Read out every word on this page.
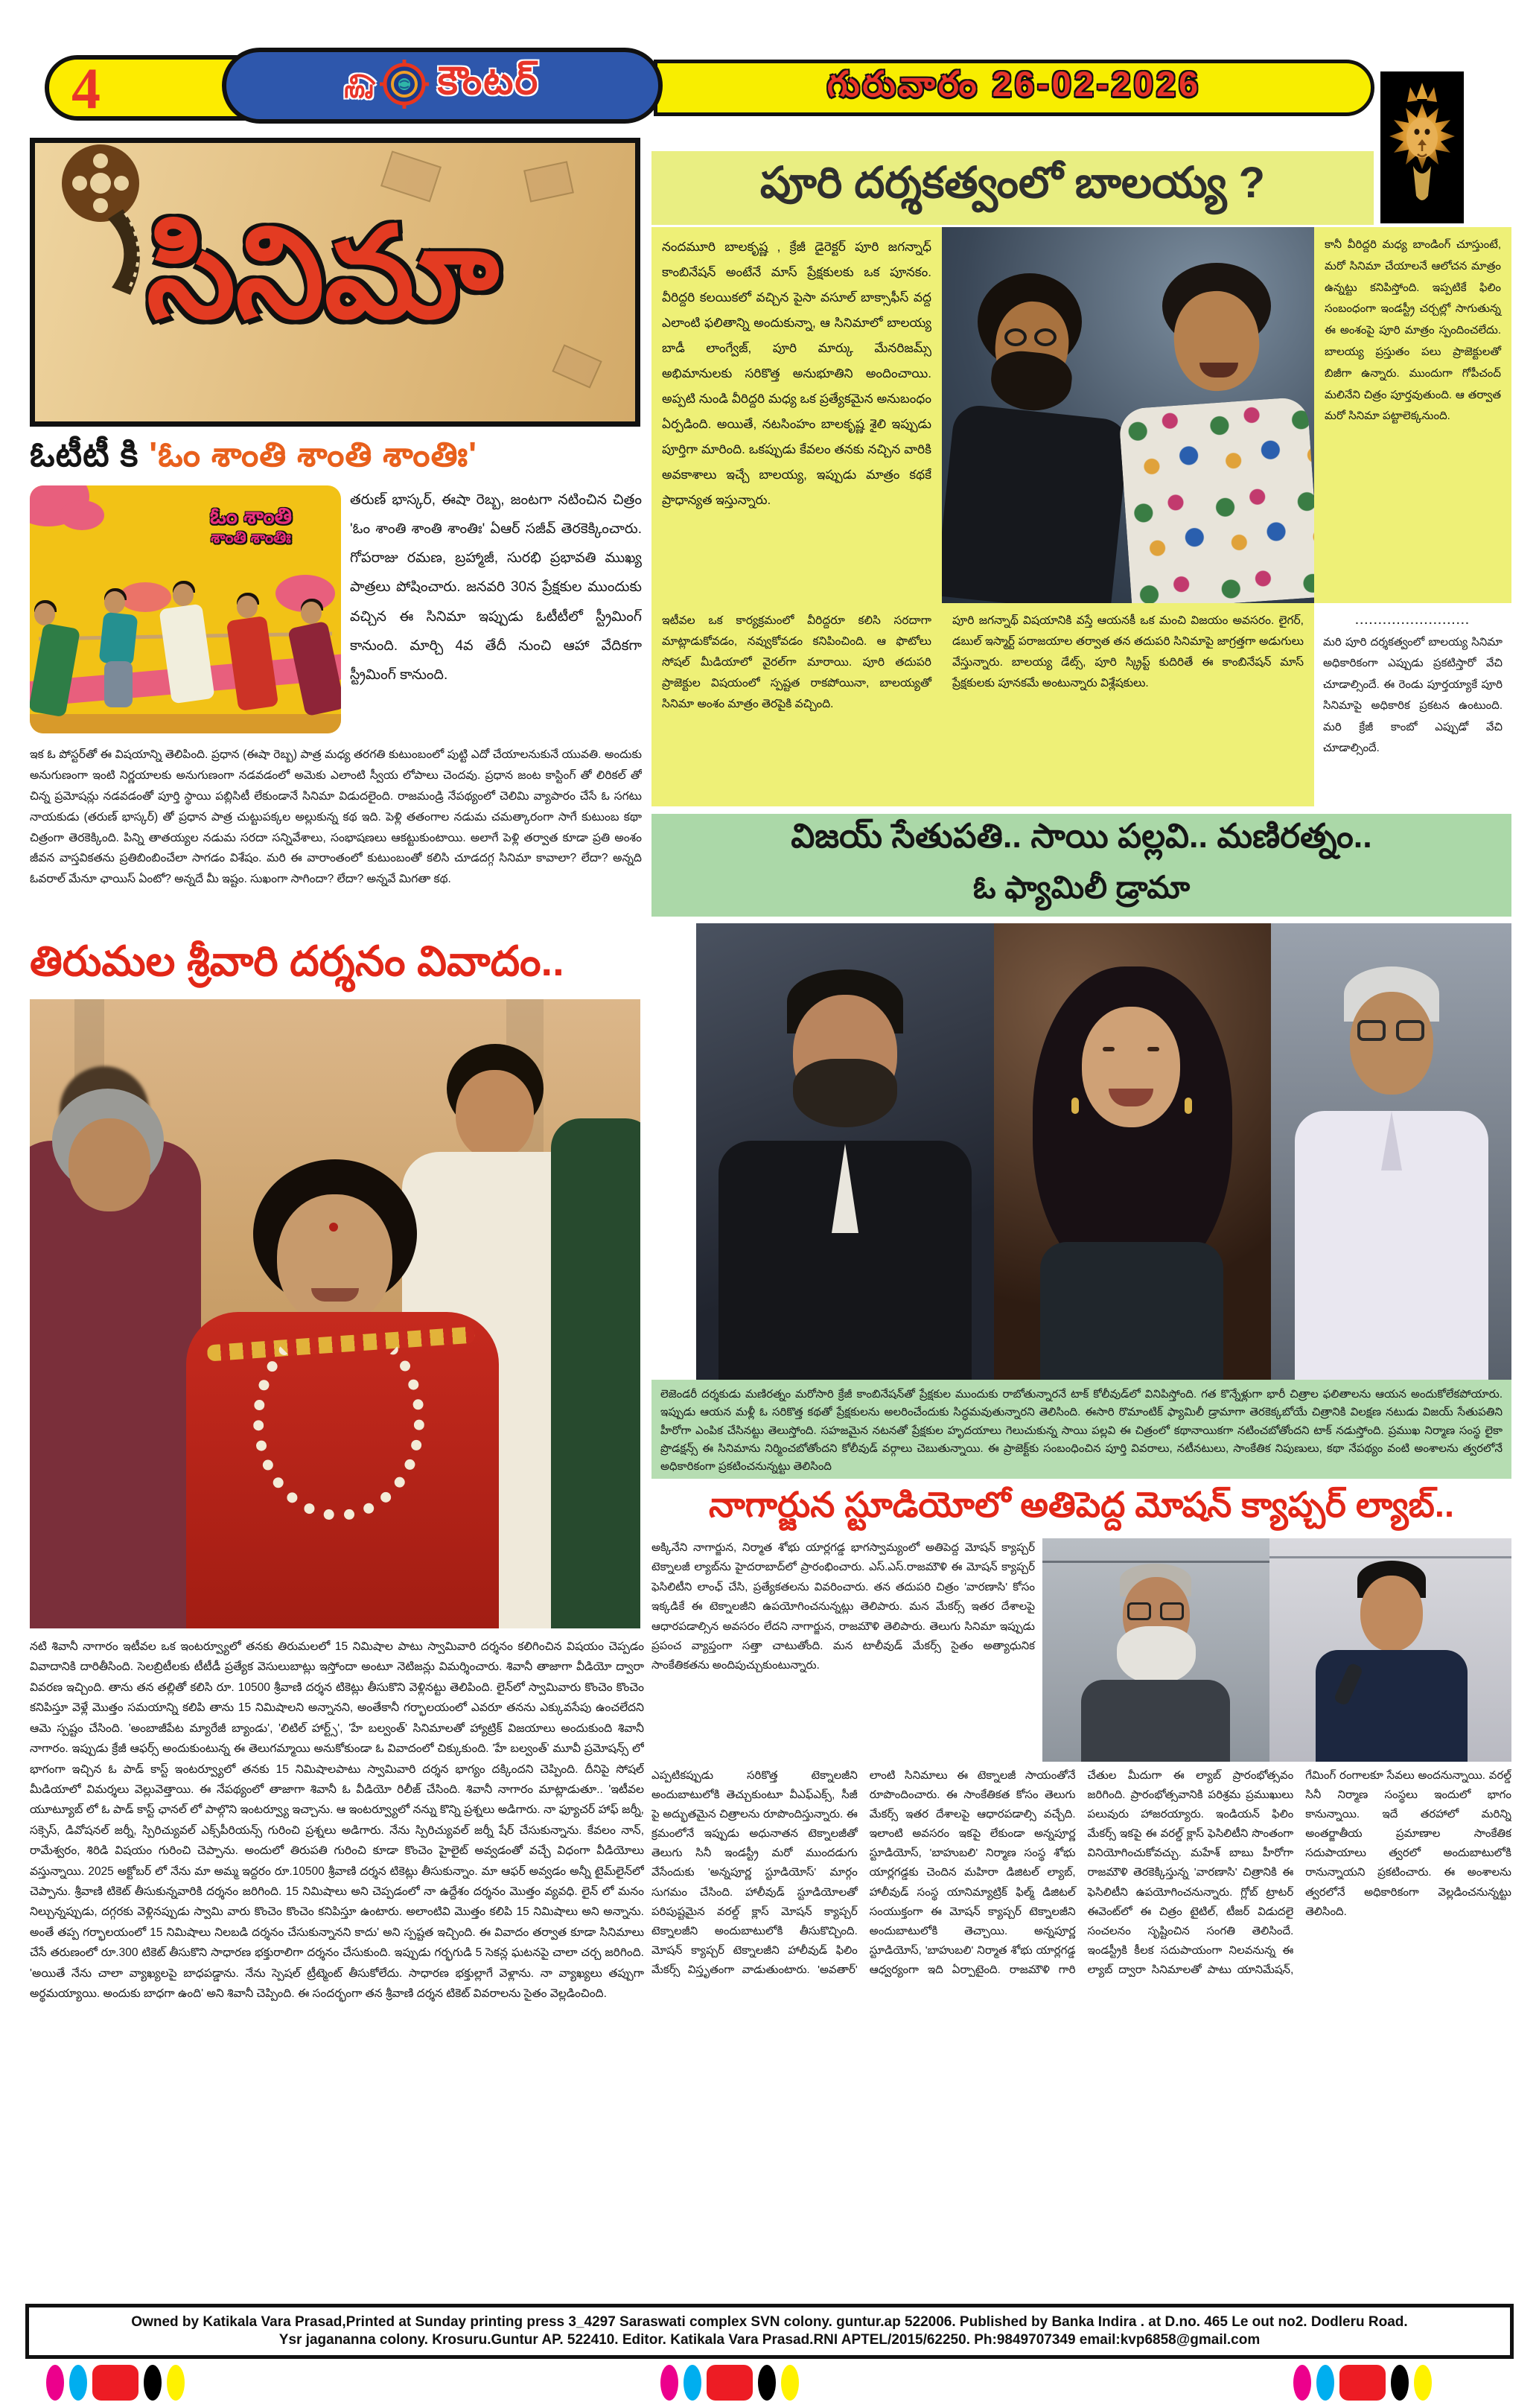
4	గురువారం 26-02-2026
క్రై కౌంటర్
సినిమా
ఓటీటీ కి 'ఓం శాంతి శాంతి శాంతిః'
ఓం శాంతి
శాంతి శాంతిః
తరుణ్ భాస్కర్, ఈషా రెబ్బ, జంటగా నటించిన చిత్రం 'ఓం శాంతి శాంతి శాంతిః' ఏఆర్ సజీవ్ తెరకెక్కించారు. గోపరాజు రమణ, బ్రహ్మాజీ, సురభి ప్రభావతి ముఖ్య పాత్రలు పోషించారు. జనవరి 30న ప్రేక్షకుల ముందుకు వచ్చిన ఈ సినిమా ఇప్పుడు ఓటీటీలో స్ట్రీమింగ్ కానుంది. మార్చి 4వ తేదీ నుంచి ఆహా వేదికగా స్ట్రీమింగ్ కానుంది.
ఇక ఓ పోస్టర్‌తో ఈ విషయాన్ని తెలిపింది. ప్రధాన (ఈషా రెబ్బ) పాత్ర మధ్య తరగతి కుటుంబంలో పుట్టి ఎదో చేయాలనుకునే యువతి. అందుకు అనుగుణంగా ఇంటి నిర్ణయాలకు అనుగుణంగా నడవడంలో అమెకు ఎలాంటి స్వీయ లోపాలు చెందవు. ప్రధాన జంట కాస్టింగ్ తో లిరికల్ తో చిన్న ప్రమోషన్లు నడవడంతో పూర్తి స్థాయి పబ్లిసిటీ లేకుండానే సినిమా విడుదలైంది. రాజమండ్రి నేపథ్యంలో చెలిమి వ్యాపారం చేసే ఓ సగటు నాయకుడు (తరుణ్ భాస్కర్) తో ప్రధాన పాత్ర చుట్టుపక్కల అల్లుకున్న కథ ఇది. పెళ్లి తతంగాల నడుమ చమత్కారంగా సాగే కుటుంబ కథా చిత్రంగా తెరకెక్కింది. పిన్ని తాతయ్యల నడుమ సరదా సన్నివేశాలు, సంభాషణలు ఆకట్టుకుంటాయి. అలాగే పెళ్లి తర్వాత కూడా ప్రతి అంశం జీవన వాస్తవికతను ప్రతిబింబించేలా సాగడం విశేషం. మరి ఈ వారాంతంలో కుటుంబంతో కలిసి చూడదగ్గ సినిమా కావాలా? లేదా? అన్నది ఓవరాల్ మేనూ ఛాయిస్ ఏంటో? అన్నదే మీ ఇష్టం. సుఖంగా సాగిందా? లేదా? అన్నవే మిగతా కథ.
తిరుమల శ్రీవారి దర్శనం వివాదం..
నటి శివానీ నాగారం ఇటీవల ఒక ఇంటర్వ్యూలో తనకు తిరుమలలో 15 నిమిషాల పాటు స్వామివారి దర్శనం కలిగించిన విషయం చెప్పడం వివాదానికి దారితీసింది. సెలబ్రిటీలకు టీటీడీ ప్రత్యేక వెసులుబాట్లు ఇస్తోందా అంటూ నెటిజన్లు విమర్శించారు. శివానీ తాజాగా వీడియో ద్వారా వివరణ ఇచ్చింది. తాను తన తల్లితో కలిసి రూ. 10500 శ్రీవాణి దర్శన టికెట్లు తీసుకొని వెళ్లినట్టు తెలిపింది. లైన్‌లో స్వామివారు కొంచెం కొంచెం కనిపిస్తూ వెళ్లే మొత్తం సమయాన్ని కలిపి తాను 15 నిమిషాలని అన్నానని, అంతేకానీ గర్భాలయంలో ఎవరూ తనను ఎక్కువసేపు ఉంచలేదని ఆమె స్పష్టం చేసింది. 'అంబాజీపేట మ్యారేజీ బ్యాండు', 'లిటిల్ హార్ట్స్', 'హే బల్వంత్' సినిమాలతో హ్యాట్రిక్ విజయాలు అందుకుంది శివానీ నాగారం. ఇప్పుడు క్రేజీ ఆఫర్స్ అందుకుంటున్న ఈ తెలుగమ్మాయి అనుకోకుండా ఓ వివాదంలో చిక్కుకుంది. 'హే బల్వంత్' మూవీ ప్రమోషన్స్ లో భాగంగా ఇచ్చిన ఓ పాడ్ కాస్ట్ ఇంటర్వ్యూలో తనకు 15 నిమిషాలపాటు స్వామివారి దర్శన భాగ్యం దక్కిందని చెప్పింది. దీనిపై సోషల్ మీడియాలో విమర్శలు వెల్లువెత్తాయి. ఈ నేపథ్యంలో తాజాగా శివానీ ఓ వీడియో రిలీజ్ చేసింది. శివానీ నాగారం మాట్లాడుతూ.. 'ఇటీవల యూట్యూబ్ లో ఓ పాడ్ కాస్ట్ ఛానల్ లో పాల్గొని ఇంటర్వ్యూ ఇచ్చాను. ఆ ఇంటర్వ్యూలో నన్ను కొన్ని ప్రశ్నలు అడిగారు. నా ఫ్యూచర్ హాఫ్ జర్నీ, సక్సెస్, డివోషనల్ జర్నీ, స్పిరిచ్యువల్ ఎక్స్‌పీరియన్స్ గురించి ప్రశ్నలు అడిగారు. నేను స్పిరిచ్యువల్ జర్నీ షేర్ చేసుకున్నాను. కేవలం నాన్, రామేశ్వరం, శిరిడి విషయం గురించి చెప్పాను. అందులో తిరుపతి గురించి కూడా కొంచెం హైలైట్ అవ్వడంతో వచ్చే విధంగా వీడియోలు వస్తున్నాయి. 2025 అక్టోబర్ లో నేను మా అమ్మ ఇద్దరం రూ.10500 శ్రీవాణి దర్శన టికెట్లు తీసుకున్నాం. మా ఆఫర్ అవ్వడం అన్నీ టైమ్‌లైన్‌లో చెప్పాను. శ్రీవాణి టికెట్ తీసుకున్నవారికి దర్శనం జరిగింది. 15 నిమిషాలు అని చెప్పడంలో నా ఉద్దేశం దర్శనం మొత్తం వ్యవధి. లైన్ లో మనం నిల్చున్నప్పుడు, దగ్గరకు వెళ్లినప్పుడు స్వామి వారు కొంచెం కొంచెం కనిపిస్తూ ఉంటారు. అలాంటివి మొత్తం కలిపి 15 నిమిషాలు అని అన్నాను. అంతే తప్ప గర్భాలయంలో 15 నిమిషాలు నిలబడి దర్శనం చేసుకున్నానని కాదు' అని స్పష్టత ఇచ్చింది. ఈ వివాదం తర్వాత కూడా సినిమాలు చేసే తరుణంలో రూ.300 టికెట్ తీసుకొని సాధారణ భక్తురాలిగా దర్శనం చేసుకుంది. ఇప్పుడు గర్భగుడి 5 సెకన్ల ఘటనపై చాలా చర్చ జరిగింది. 'అయితే నేను చాలా వ్యాఖ్యలపై బాధపడ్డాను. నేను స్పెషల్ ట్రీట్మెంట్ తీసుకోలేదు. సాధారణ భక్తుల్లాగే వెళ్లాను. నా వ్యాఖ్యలు తప్పుగా అర్థమయ్యాయి. అందుకు బాధగా ఉంది' అని శివానీ చెప్పింది. ఈ సందర్భంగా తన శ్రీవాణి దర్శన టికెట్ వివరాలను సైతం వెల్లడించింది.
పూరి దర్శకత్వంలో బాలయ్య ?
నందమూరి బాలకృష్ణ , క్రేజీ డైరెక్టర్ పూరి జగన్నాధ్ కాంబినేషన్ అంటేనే మాస్ ప్రేక్షకులకు ఒక పూనకం. వీరిద్దరి కలయికలో వచ్చిన పైసా వసూల్ బాక్సాఫీస్ వద్ద ఎలాంటి ఫలితాన్ని అందుకున్నా, ఆ సినిమాలో బాలయ్య బాడీ లాంగ్వేజ్, పూరి మార్కు మేనరిజమ్స్ అభిమానులకు సరికొత్త అనుభూతిని అందించాయి. అప్పటి నుండి వీరిద్దరి మధ్య ఒక ప్రత్యేకమైన అనుబంధం ఏర్పడింది. అయితే, నటసింహం బాలకృష్ణ శైలి ఇప్పుడు పూర్తిగా మారింది. ఒకప్పుడు కేవలం తనకు నచ్చిన వారికి అవకాశాలు ఇచ్చే బాలయ్య, ఇప్పుడు మాత్రం కథకే ప్రాధాన్యత ఇస్తున్నారు.
కానీ వీరిద్దరి మధ్య బాండింగ్ చూస్తుంటే, మరో సినిమా చేయాలనే ఆలోచన మాత్రం ఉన్నట్టు కనిపిస్తోంది. ఇప్పటికే ఫిలిం సంబంధంగా ఇండస్ట్రీ చర్చల్లో సాగుతున్న ఈ అంశంపై పూరి మాత్రం స్పందించలేదు. బాలయ్య ప్రస్తుతం పలు ప్రాజెక్టులతో బిజీగా ఉన్నారు. ముందుగా గోపీచంద్ మలినేని చిత్రం పూర్తవుతుంది. ఆ తర్వాత మరో సినిమా పట్టాలెక్కనుంది.
ఇటీవల ఒక కార్యక్రమంలో వీరిద్దరూ కలిసి సరదాగా మాట్లాడుకోవడం, నవ్వుకోవడం కనిపించింది. ఆ ఫొటోలు సోషల్ మీడియాలో వైరల్‌గా మారాయి. పూరి తదుపరి ప్రాజెక్టుల విషయంలో స్పష్టత రాకపోయినా, బాలయ్యతో సినిమా అంశం మాత్రం తెరపైకి వచ్చింది.
పూరి జగన్నాథ్ విషయానికి వస్తే ఆయనకీ ఒక మంచి విజయం అవసరం. లైగర్, డబుల్ ఇస్మార్ట్ పరాజయాల తర్వాత తన తదుపరి సినిమాపై జాగ్రత్తగా అడుగులు వేస్తున్నారు. బాలయ్య డేట్స్, పూరి స్క్రిప్ట్ కుదిరితే ఈ కాంబినేషన్ మాస్ ప్రేక్షకులకు పూనకమే అంటున్నారు విశ్లేషకులు.
.........................
మరి పూరి దర్శకత్వంలో బాలయ్య సినిమా అధికారికంగా ఎప్పుడు ప్రకటిస్తారో వేచి చూడాల్సిందే. ఈ రెండు పూర్తయ్యాకే పూరి సినిమాపై అధికారిక ప్రకటన ఉంటుంది. మరి క్రేజీ కాంబో ఎప్పుడో వేచి చూడాల్సిందే.
విజయ్ సేతుపతి.. సాయి పల్లవి.. మణిరత్నం..
ఓ ఫ్యామిలీ డ్రామా
లెజెండరీ దర్శకుడు మణిరత్నం మరోసారి క్రేజీ కాంబినేషన్‌తో ప్రేక్షకుల ముందుకు రాబోతున్నారనే టాక్ కోలీవుడ్‌లో వినిపిస్తోంది. గత కొన్నేళ్లుగా భారీ చిత్రాల ఫలితాలను ఆయన అందుకోలేకపోయారు. ఇప్పుడు ఆయన మళ్లీ ఓ సరికొత్త కథతో ప్రేక్షకులను అలరించేందుకు సిద్ధమవుతున్నారని తెలిసింది. ఈసారి రొమాంటిక్ ఫ్యామిలీ డ్రామాగా తెరకెక్కబోయే చిత్రానికి విలక్షణ నటుడు విజయ్ సేతుపతిని హీరోగా ఎంపిక చేసినట్టు తెలుస్తోంది. సహజమైన నటనతో ప్రేక్షకుల హృదయాలు గెలుచుకున్న సాయి పల్లవి ఈ చిత్రంలో కథానాయికగా నటించబోతోందని టాక్ నడుస్తోంది. ప్రముఖ నిర్మాణ సంస్థ లైకా ప్రొడక్షన్స్ ఈ సినిమాను నిర్మించబోతోందని కోలీవుడ్ వర్గాలు చెబుతున్నాయి. ఈ ప్రాజెక్ట్‌కు సంబంధించిన పూర్తి వివరాలు, నటీనటులు, సాంకేతిక నిపుణులు, కథా నేపథ్యం వంటి అంశాలను త్వరలోనే అధికారికంగా ప్రకటించనున్నట్టు తెలిసింది
నాగార్జున స్టూడియోలో అతిపెద్ద మోషన్ క్యాప్చర్ ల్యాబ్..
అక్కినేని నాగార్జున, నిర్మాత శోభు యార్లగడ్డ భాగస్వామ్యంలో అతిపెద్ద మోషన్ క్యాప్చర్ టెక్నాలజీ ల్యాబ్‌ను హైదరాబాద్‌లో ప్రారంభించారు. ఎస్.ఎస్.రాజమౌళి ఈ మోషన్ క్యాప్చర్ ఫెసిలిటీని లాంఛ్ చేసి, ప్రత్యేకతలను వివరించారు. తన తదుపరి చిత్రం 'వారణాసి' కోసం ఇక్కడికే ఈ టెక్నాలజీని ఉపయోగించనున్నట్లు తెలిపారు. మన మేకర్స్ ఇతర దేశాలపై ఆధారపడాల్సిన అవసరం లేదని నాగార్జున, రాజమౌళి తెలిపారు. తెలుగు సినిమా ఇప్పుడు ప్రపంచ వ్యాప్తంగా సత్తా చాటుతోంది. మన టాలీవుడ్ మేకర్స్ సైతం అత్యాధునిక సాంకేతికతను అందిపుచ్చుకుంటున్నారు.
ఎప్పటికప్పుడు సరికొత్త టెక్నాలజీని అందుబాటులోకి తెచ్చుకుంటూ వీఎఫ్ఎక్స్, సీజీ పై అద్భుతమైన చిత్రాలను రూపొందిస్తున్నారు. ఈ క్రమంలోనే ఇప్పుడు అధునాతన టెక్నాలజీతో తెలుగు సినీ ఇండస్ట్రీ మరో ముందడుగు వేసేందుకు 'అన్నపూర్ణ స్టూడియోస్' మార్గం సుగమం చేసింది. హాలీవుడ్ స్టూడియోలతో పరిపుష్టమైన వరల్డ్ క్లాస్ మోషన్ క్యాప్చర్ టెక్నాలజీని అందుబాటులోకి తీసుకొచ్చింది. మోషన్ క్యాప్చర్ టెక్నాలజీని హాలీవుడ్ ఫిలిం మేకర్స్ విస్తృతంగా వాడుతుంటారు. 'అవతార్' లాంటి సినిమాలు ఈ టెక్నాలజీ సాయంతోనే రూపొందించారు. ఈ సాంకేతికత కోసం తెలుగు మేకర్స్ ఇతర దేశాలపై ఆధారపడాల్సి వచ్చేది. ఇలాంటి అవసరం ఇకపై లేకుండా అన్నపూర్ణ స్టూడియోస్, 'బాహుబలి' నిర్మాణ సంస్థ శోభు యార్లగడ్డకు చెందిన మహిరా డిజిటల్ ల్యాబ్, హాలీవుడ్ సంస్థ యానిమ్యాట్రిక్ ఫిల్మ్ డిజిటల్ సంయుక్తంగా ఈ మోషన్ క్యాప్చర్ టెక్నాలజీని అందుబాటులోకి తెచ్చాయి. అన్నపూర్ణ స్టూడియోస్, 'బాహుబలి' నిర్మాత శోభు యార్లగడ్డ ఆధ్వర్యంగా ఇది ఏర్పాటైంది. రాజమౌళి గారి చేతుల మీదుగా ఈ ల్యాబ్ ప్రారంభోత్సవం జరిగింది. ప్రారంభోత్సవానికి పరిశ్రమ ప్రముఖులు పలువురు హాజరయ్యారు. ఇండియన్ ఫిలిం మేకర్స్ ఇకపై ఈ వరల్డ్ క్లాస్ ఫెసిలిటీని సొంతంగా వినియోగించుకోవచ్చు. మహేశ్ బాబు హీరోగా రాజమౌళి తెరకెక్కిస్తున్న 'వారణాసి' చిత్రానికి ఈ ఫెసిలిటీని ఉపయోగించనున్నారు. గ్లోబ్ ట్రాటర్ ఈవెంట్‌లో ఈ చిత్రం టైటిల్, టీజర్ విడుదలై సంచలనం సృష్టించిన సంగతి తెలిసిందే. ఇండస్ట్రీకి కీలక సదుపాయంగా నిలవనున్న ఈ ల్యాబ్ ద్వారా సినిమాలతో పాటు యానిమేషన్, గేమింగ్ రంగాలకూ సేవలు అందనున్నాయి. వరల్డ్ సినీ నిర్మాణ సంస్థలు ఇందులో భాగం కానున్నాయి. ఇదే తరహాలో మరిన్ని అంతర్జాతీయ ప్రమాణాల సాంకేతిక సదుపాయాలు త్వరలో అందుబాటులోకి రానున్నాయని ప్రకటించారు. ఈ అంశాలను త్వరలోనే అధికారికంగా వెల్లడించనున్నట్టు తెలిసింది.
Owned by Katikala Vara Prasad,Printed at Sunday printing press 3_4297 Saraswati complex SVN colony. guntur.ap 522006. Published by Banka Indira . at D.no. 465 Le out no2. Dodleru Road.
Ysr jagananna colony. Krosuru.Guntur AP. 522410. Editor. Katikala Vara Prasad.RNI APTEL/2015/62250. Ph:9849707349 email:kvp6858@gmail.com
